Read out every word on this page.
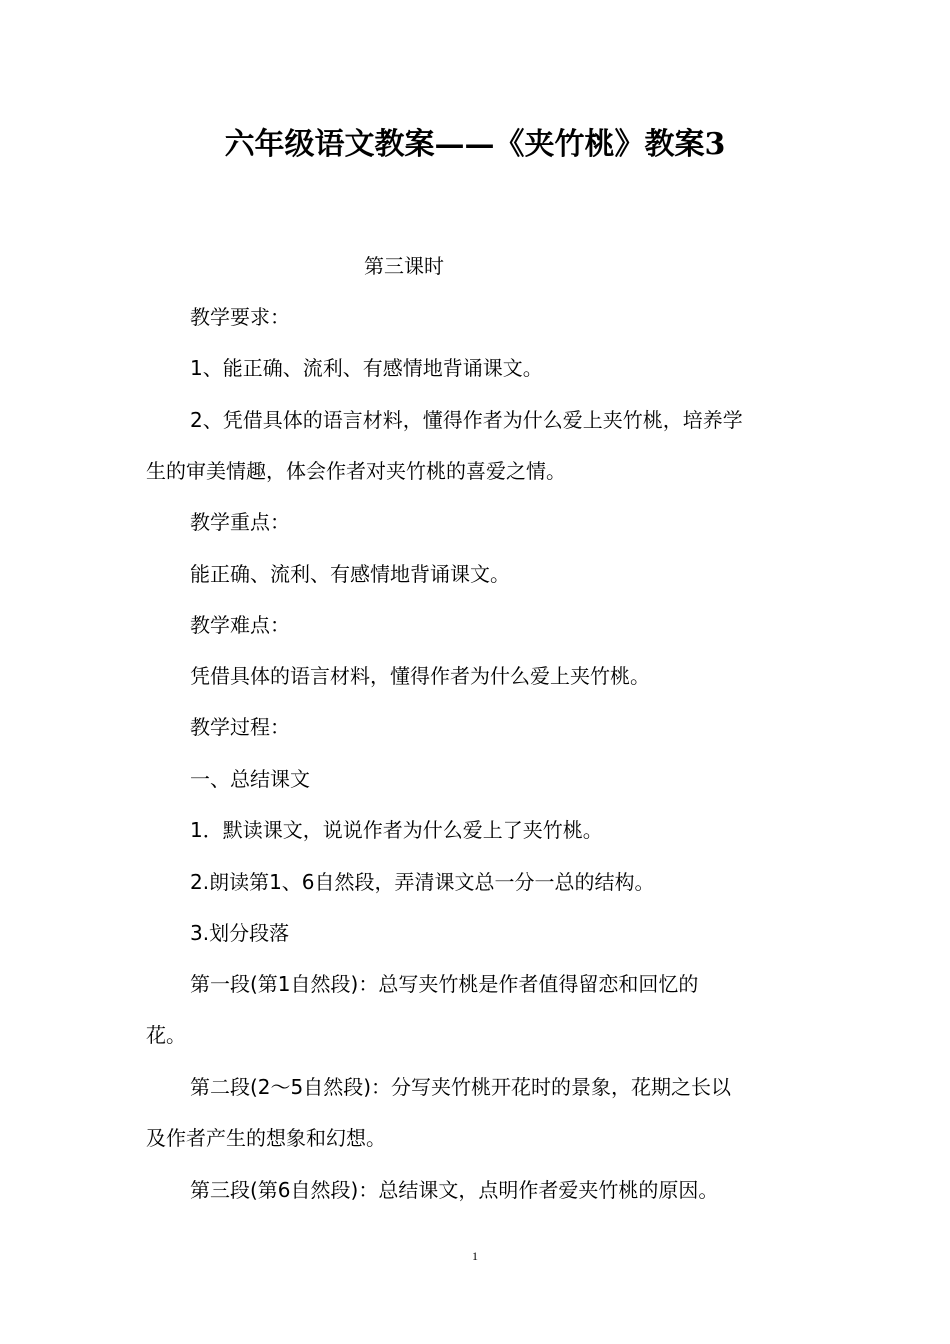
六年级语文教案——《夹竹桃》教案3

第三课时

教学要求：

1、能正确、流利、有感情地背诵课文。

2、凭借具体的语言材料，懂得作者为什么爱上夹竹桃，培养学

生的审美情趣，体会作者对夹竹桃的喜爱之情。

教学重点：

能正确、流利、有感情地背诵课文。

教学难点：

凭借具体的语言材料，懂得作者为什么爱上夹竹桃。

教学过程：

一、总结课文

1．默读课文，说说作者为什么爱上了夹竹桃。

2.朗读第1、6自然段，弄清课文总一分一总的结构。

3.划分段落

第一段(第1自然段)：总写夹竹桃是作者值得留恋和回忆的

花。

第二段(2～5自然段)：分写夹竹桃开花时的景象，花期之长以

及作者产生的想象和幻想。

第三段(第6自然段)：总结课文，点明作者爱夹竹桃的原因。

1
